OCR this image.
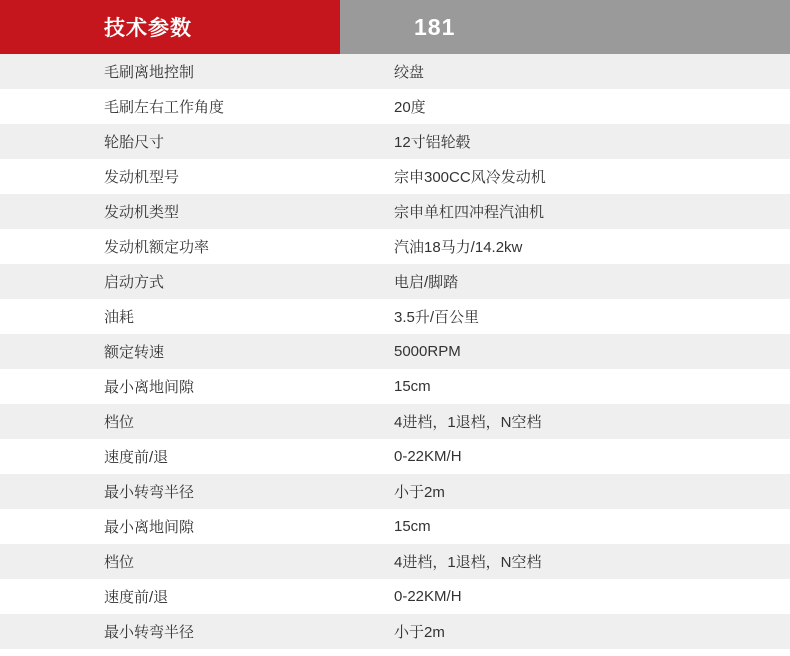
技术参数	181
毛刷离地控制	绞盘
毛刷左右工作角度	20度
轮胎尺寸	12寸铝轮毂
发动机型号	宗申300CC风冷发动机
发动机类型	宗申单杠四冲程汽油机
发动机额定功率	汽油18马力/14.2kw
启动方式	电启/脚踏
油耗	3.5升/百公里
额定转速	5000RPM
最小离地间隙	15cm
档位	4进档，1退档，N空档
速度前/退	0-22KM/H
最小转弯半径	小于2m
最小离地间隙	15cm
档位	4进档，1退档，N空档
速度前/退	0-22KM/H
最小转弯半径	小于2m
